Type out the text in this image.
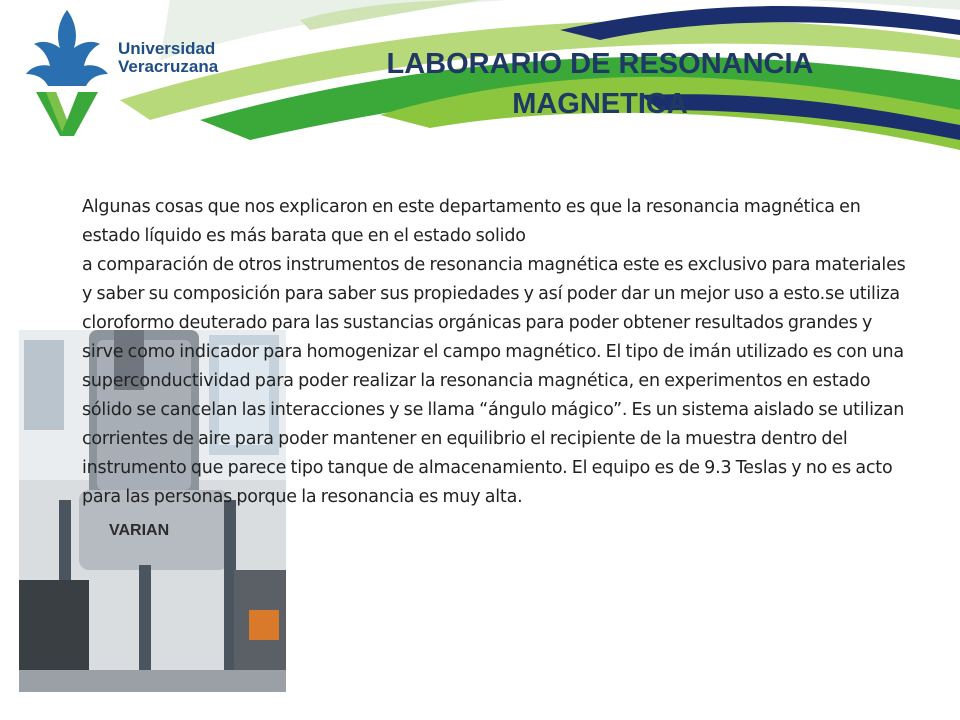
Universidad
Veracruzana	LABORARIO DE RESONANCIA
MAGNETICA
VARIAN

Algunas cosas que nos explicaron en este departamento es que la resonancia magnética en estado líquido es más barata que en el estado solido

a comparación de otros instrumentos de resonancia magnética este es exclusivo para materiales y saber su composición para saber sus propiedades y así poder dar un mejor uso a esto.se utiliza cloroformo deuterado para las sustancias orgánicas para poder obtener resultados grandes y sirve como indicador para homogenizar el campo magnético. El tipo de imán utilizado es con una superconductividad para poder realizar la resonancia magnética, en experimentos en estado sólido se cancelan las interacciones y se llama “ángulo mágico”. Es un sistema aislado se utilizan corrientes de aire para poder mantener en equilibrio el recipiente de la muestra dentro del instrumento que parece tipo tanque de almacenamiento. El equipo es de 9.3 Teslas y no es acto para las personas porque la resonancia es muy alta.
